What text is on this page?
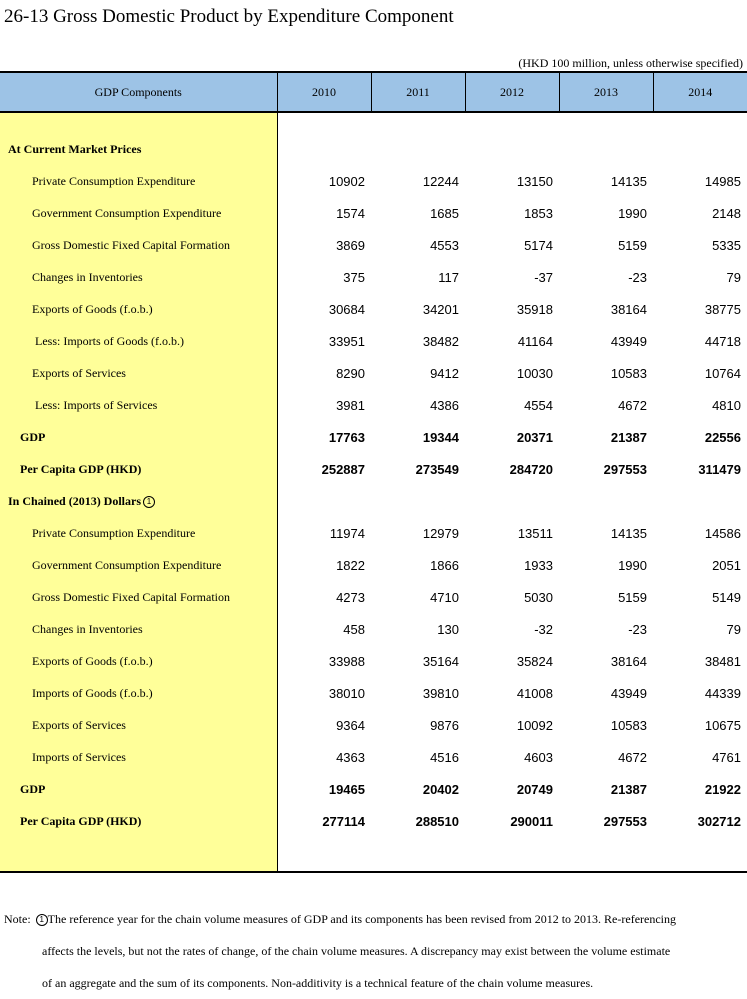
26-13 Gross Domestic Product by Expenditure Component
(HKD 100 million, unless otherwise specified)
GDP Components	2010	2011	2012	2013	2014

At Current Market Prices					
Private Consumption Expenditure	10902	12244	13150	14135	14985
Government Consumption Expenditure	1574	1685	1853	1990	2148
Gross Domestic Fixed Capital Formation	3869	4553	5174	5159	5335
Changes in Inventories	375	117	-37	-23	79
Exports of Goods (f.o.b.)	30684	34201	35918	38164	38775
Less: Imports of Goods (f.o.b.)	33951	38482	41164	43949	44718
Exports of Services	8290	9412	10030	10583	10764
Less: Imports of Services	3981	4386	4554	4672	4810
GDP	17763	19344	20371	21387	22556
Per Capita GDP (HKD)	252887	273549	284720	297553	311479
In Chained (2013) Dollars 1					
Private Consumption Expenditure	11974	12979	13511	14135	14586
Government Consumption Expenditure	1822	1866	1933	1990	2051
Gross Domestic Fixed Capital Formation	4273	4710	5030	5159	5149
Changes in Inventories	458	130	-32	-23	79
Exports of Goods (f.o.b.)	33988	35164	35824	38164	38481
Imports of Goods (f.o.b.)	38010	39810	41008	43949	44339
Exports of Services	9364	9876	10092	10583	10675
Imports of Services	4363	4516	4603	4672	4761
GDP	19465	20402	20749	21387	21922
Per Capita GDP (HKD)	277114	288510	290011	297553	302712

Note: 1 The reference year for the chain volume measures of GDP and its components has been revised from 2012 to 2013. Re-referencing
affects the levels, but not the rates of change, of the chain volume measures. A discrepancy may exist between the volume estimate
of an aggregate and the sum of its components. Non-additivity is a technical feature of the chain volume measures.
